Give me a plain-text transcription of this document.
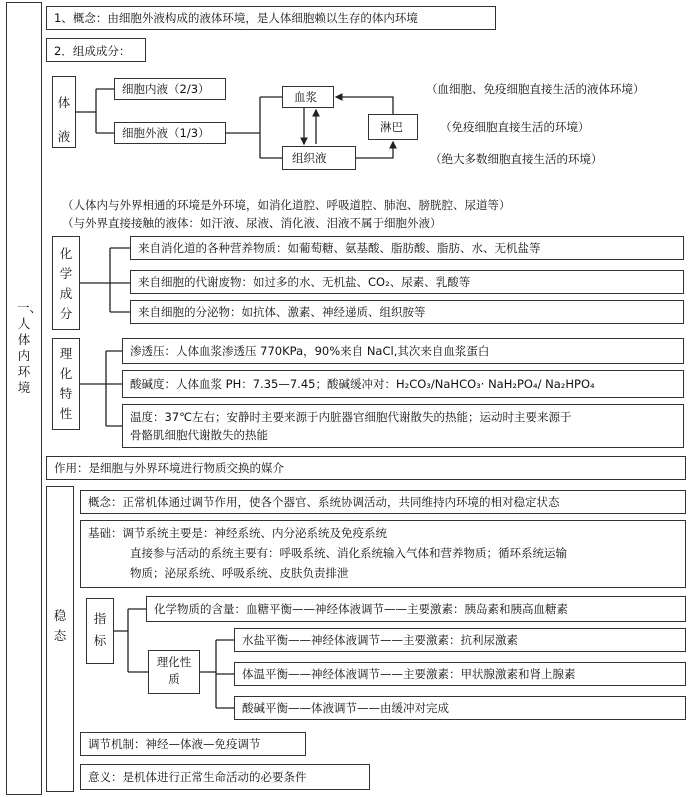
一、人体内环境
1、概念：由细胞外液构成的液体环境，是人体细胞赖以生存的体内环境
2．组成成分：
体液
细胞内液（2/3）
细胞外液（1/3）
血浆
淋巴
组织液
（血细胞、免疫细胞直接生活的液体环境）
（免疫细胞直接生活的环境）
（绝大多数细胞直接生活的环境）
（人体内与外界相通的环境是外环境，如消化道腔、呼吸道腔、肺泡、膀胱腔、尿道等）
（与外界直接接触的液体：如汗液、尿液、消化液、泪液不属于细胞外液）
化学成分
来自消化道的各种营养物质：如葡萄糖、氨基酸、脂肪酸、脂肪、水、无机盐等
来自细胞的代谢废物：如过多的水、无机盐、CO₂、尿素、乳酸等
来自细胞的分泌物：如抗体、激素、神经递质、组织胺等
理化特性
渗透压：人体血浆渗透压 770KPa，90%来自 NaCl,其次来自血浆蛋白
酸碱度：人体血浆 PH：7.35—7.45；酸碱缓冲对：H₂CO₃/NaHCO₃· NaH₂PO₄/ Na₂HPO₄
温度：37℃左右；安静时主要来源于内脏器官细胞代谢散失的热能；运动时主要来源于
骨骼肌细胞代谢散失的热能
作用：是细胞与外界环境进行物质交换的媒介
稳态
概念：正常机体通过调节作用，使各个器官、系统协调活动，共同维持内环境的相对稳定状态
基础：调节系统主要是：神经系统、内分泌系统及免疫系统
直接参与活动的系统主要有：呼吸系统、消化系统输入气体和营养物质；循环系统运输
物质；泌尿系统、呼吸系统、皮肤负责排泄
指标
化学物质的含量：血糖平衡——神经体液调节——主要激素：胰岛素和胰高血糖素
理化性质
水盐平衡——神经体液调节——主要激素：抗利尿激素
体温平衡——神经体液调节——主要激素：甲状腺激素和肾上腺素
酸碱平衡——体液调节——由缓冲对完成
调节机制：神经—体液—免疫调节
意义：是机体进行正常生命活动的必要条件
